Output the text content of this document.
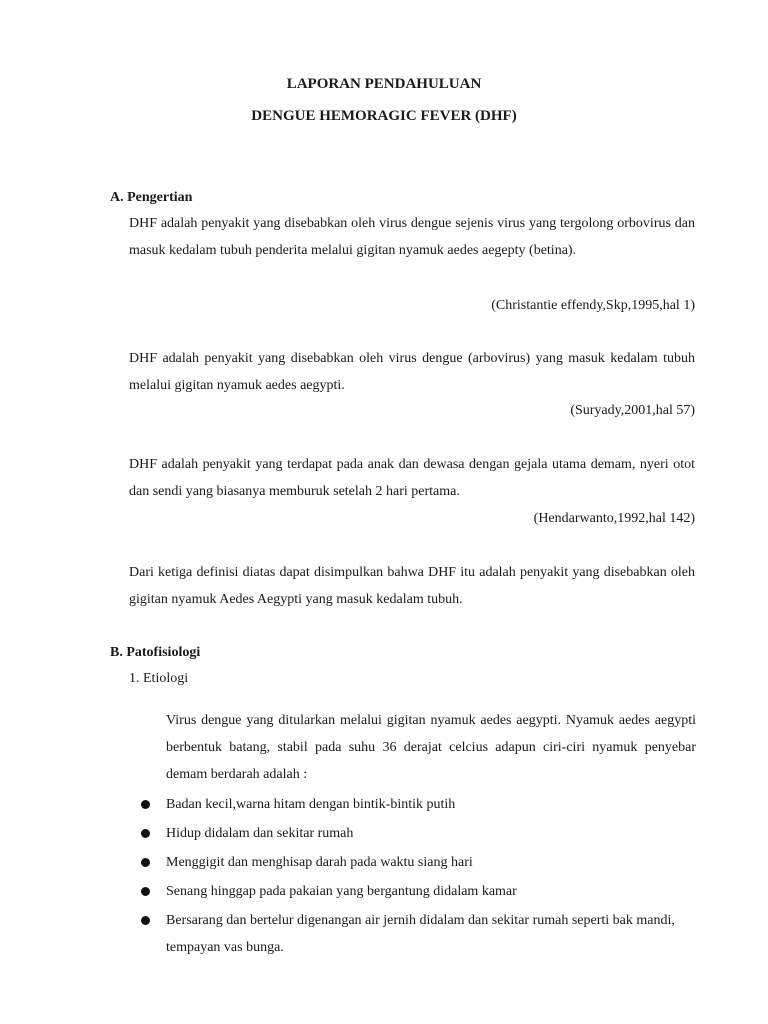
LAPORAN PENDAHULUAN
DENGUE HEMORAGIC FEVER (DHF)
A. Pengertian
DHF adalah penyakit yang disebabkan oleh virus dengue sejenis virus yang tergolong orbovirus dan masuk kedalam tubuh penderita melalui gigitan nyamuk aedes aegepty (betina).
(Christantie effendy,Skp,1995,hal 1)
DHF adalah penyakit yang disebabkan oleh virus dengue (arbovirus) yang masuk kedalam tubuh melalui gigitan nyamuk aedes aegypti.
(Suryady,2001,hal 57)
DHF adalah penyakit yang terdapat pada anak dan dewasa dengan gejala utama demam, nyeri otot dan sendi yang biasanya memburuk setelah 2 hari pertama.
(Hendarwanto,1992,hal 142)
Dari ketiga definisi diatas dapat disimpulkan bahwa DHF itu adalah penyakit yang disebabkan oleh gigitan nyamuk Aedes Aegypti yang masuk kedalam tubuh.
B. Patofisiologi
1. Etiologi
Virus dengue yang ditularkan melalui gigitan nyamuk aedes aegypti. Nyamuk aedes aegypti berbentuk batang, stabil pada suhu 36 derajat celcius adapun ciri-ciri nyamuk penyebar demam berdarah adalah :
Badan kecil,warna hitam dengan bintik-bintik putih
Hidup didalam dan sekitar rumah
Menggigit dan menghisap darah pada waktu siang hari
Senang hinggap pada pakaian yang bergantung didalam kamar
Bersarang dan bertelur digenangan air jernih didalam dan sekitar rumah seperti bak mandi, tempayan vas bunga.
